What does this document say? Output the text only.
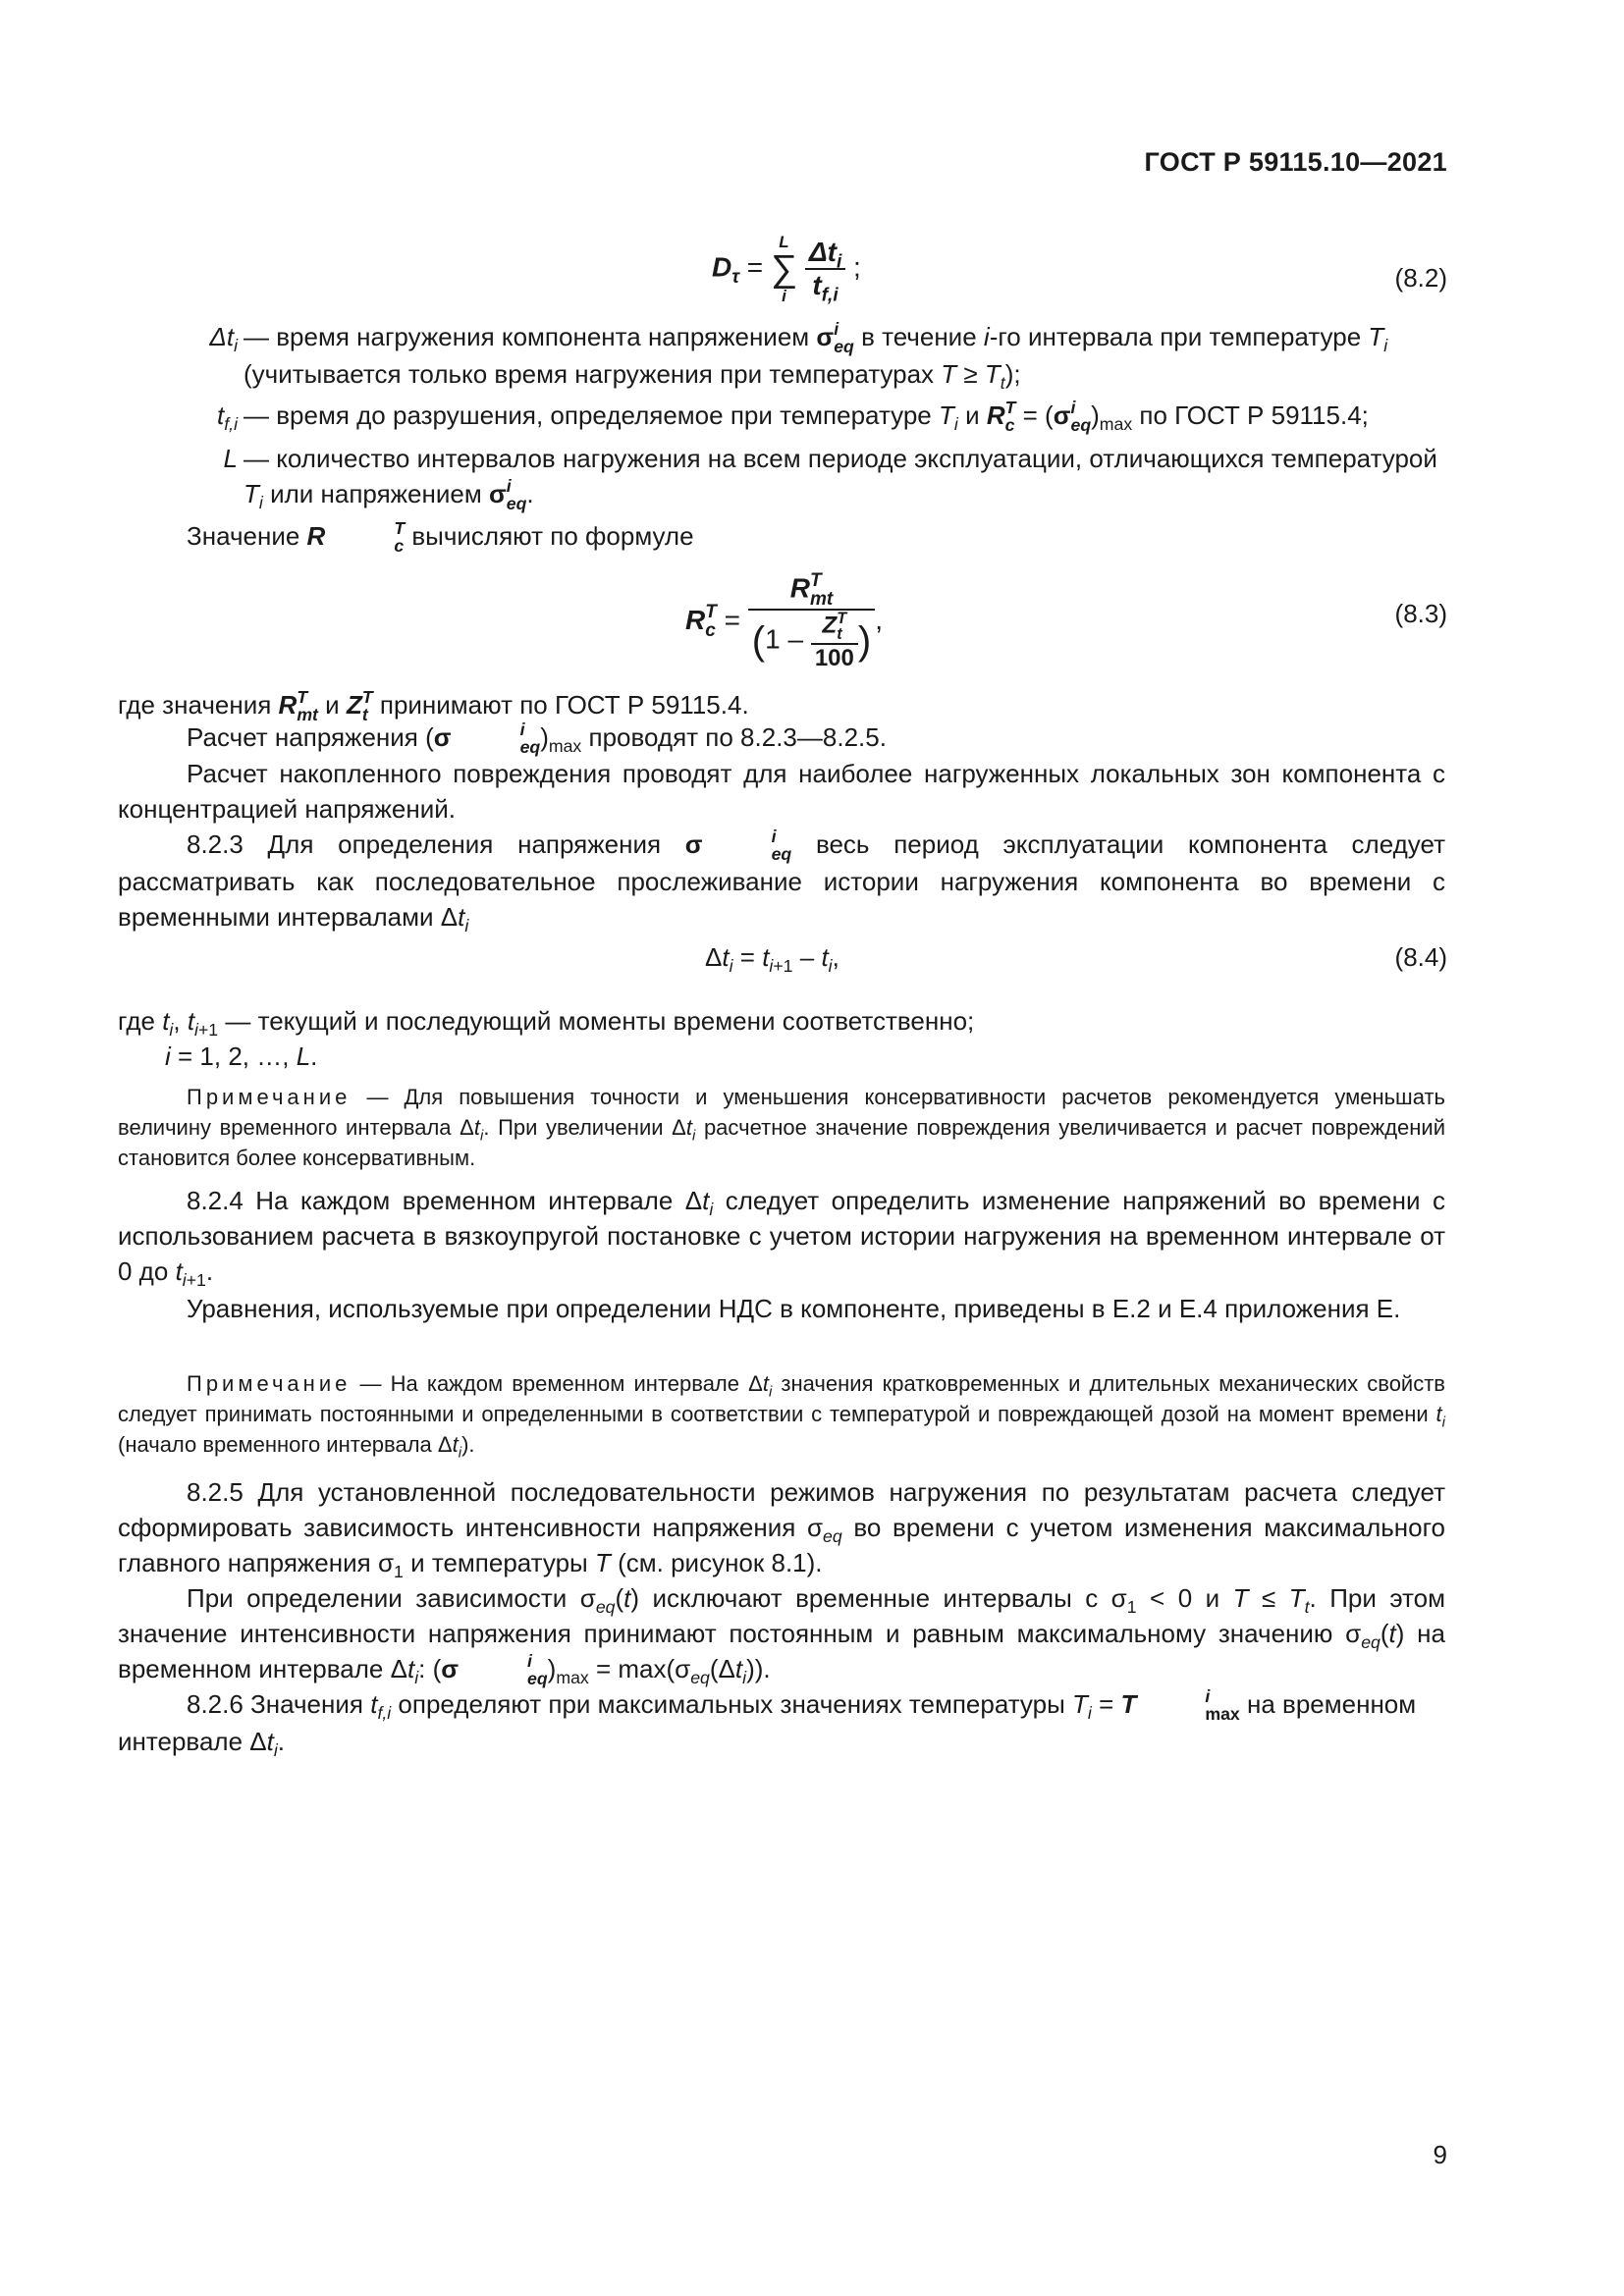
ГОСТ Р 59115.10—2021
$D_\tau$ =
L
∑
i
$\frac{\Delta t_i}{t_{f,i}}$ ;	(8.2)
$\Delta t_i$ — время нагружения компонента напряжением σ i
eq в течение i-го интервала при температуре $T_i$
(учитывается только время нагружения при температурах $T \ge T_t$);
$t_{f,i}$ — время до разрушения, определяемое при температуре $T_i$ и R T
c = (σ i
eq )$_{max}$ по ГОСТ Р 59115.4;
L — количество интервалов нагружения на всем периоде эксплуатации, отличающихся температурой
$T_i$ или напряжением σ i
eq .
Значение R	T
c вычисляют по формуле
R T
c = R T
mt
(1 – Z T
t
100 ) ,	(8.3)
где значения R T
mt и Z T
t принимают по ГОСТ Р 59115.4.
Расчет напряжения (σ	i
eq )$_{max}$ проводят по 8.2.3—8.2.5.
Расчет накопленного повреждения проводят для наиболее нагруженных локальных зон компонента с концентрацией напряжений.
8.2.3 Для определения напряжения σ	i
eq весь период эксплуатации компонента следует рассматривать как последовательное прослеживание истории нагружения компонента во времени с временными интервалами $\Delta t_i$
$\Delta t_i = t_{i+1} - t_i$,	(8.4)
где $t_i$, $t_{i+1}$ — текущий и последующий моменты времени соответственно;
i = 1, 2, …, L.
Примечание — Для повышения точности и уменьшения консервативности расчетов рекомендуется уменьшать величину временного интервала $\Delta t_i$. При увеличении $\Delta t_i$ расчетное значение повреждения увеличивается и расчет повреждений становится более консервативным.
8.2.4 На каждом временном интервале $\Delta t_i$ следует определить изменение напряжений во времени с использованием расчета в вязкоупругой постановке с учетом истории нагружения на временном интервале от 0 до $t_{i+1}$.
Уравнения, используемые при определении НДС в компоненте, приведены в Е.2 и Е.4 приложения Е.
Примечание — На каждом временном интервале $\Delta t_i$ значения кратковременных и длительных механических свойств следует принимать постоянными и определенными в соответствии с температурой и повреждающей дозой на момент времени $t_i$ (начало временного интервала $\Delta t_i$).
8.2.5 Для установленной последовательности режимов нагружения по результатам расчета следует сформировать зависимость интенсивности напряжения $\sigma_{eq}$ во времени с учетом изменения максимального главного напряжения $\sigma_1$ и температуры T (см. рисунок 8.1).
При определении зависимости $\sigma_{eq}(t)$ исключают временные интервалы с $\sigma_1 < 0$ и $T \le T_t$. При этом значение интенсивности напряжения принимают постоянным и равным максимальному значению $\sigma_{eq}(t)$ на временном интервале $\Delta t_i$: (σ	i
eq )$_{max} = \max(\sigma_{eq}(\Delta t_i))$.
8.2.6 Значения $t_{f,i}$ определяют при максимальных значениях температуры $T_i = T$	i
max на временном
интервале $\Delta t_i$.
9
